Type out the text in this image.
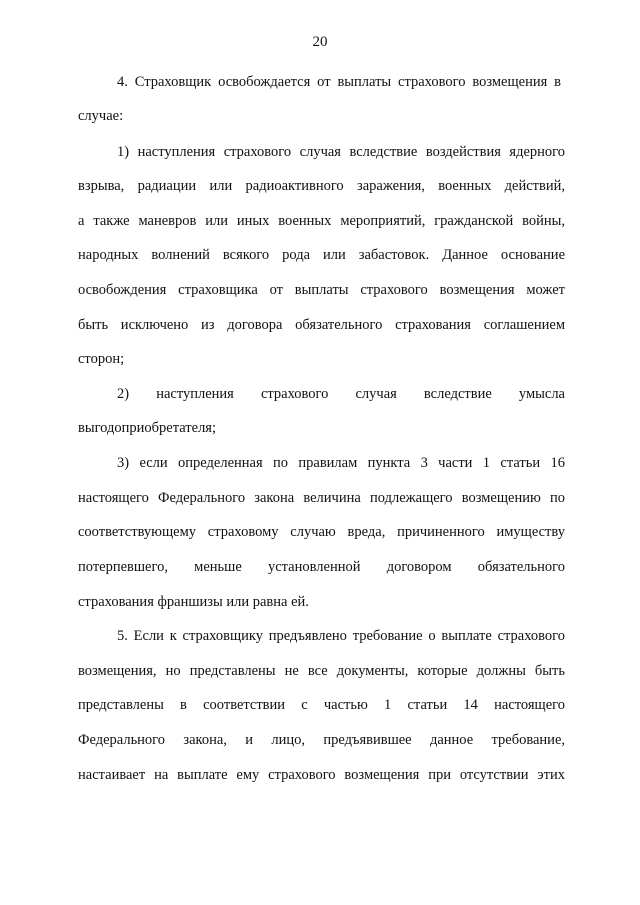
20
4. Страховщик освобождается от выплаты страхового возмещения в
случае:
1) наступления страхового случая вследствие воздействия ядерного
взрыва, радиации или радиоактивного заражения, военных действий,
а также маневров или иных военных мероприятий, гражданской войны,
народных волнений всякого рода или забастовок. Данное основание
освобождения страховщика от выплаты страхового возмещения может
быть исключено из договора обязательного страхования соглашением
сторон;
2) наступления страхового случая вследствие умысла
выгодоприобретателя;
3) если определенная по правилам пункта 3 части 1 статьи 16
настоящего Федерального закона величина подлежащего возмещению по
соответствующему страховому случаю вреда, причиненного имуществу
потерпевшего, меньше установленной договором обязательного
страхования франшизы или равна ей.
5. Если к страховщику предъявлено требование о выплате страхового
возмещения, но представлены не все документы, которые должны быть
представлены в соответствии с частью 1 статьи 14 настоящего
Федерального закона, и лицо, предъявившее данное требование,
настаивает на выплате ему страхового возмещения при отсутствии этих
